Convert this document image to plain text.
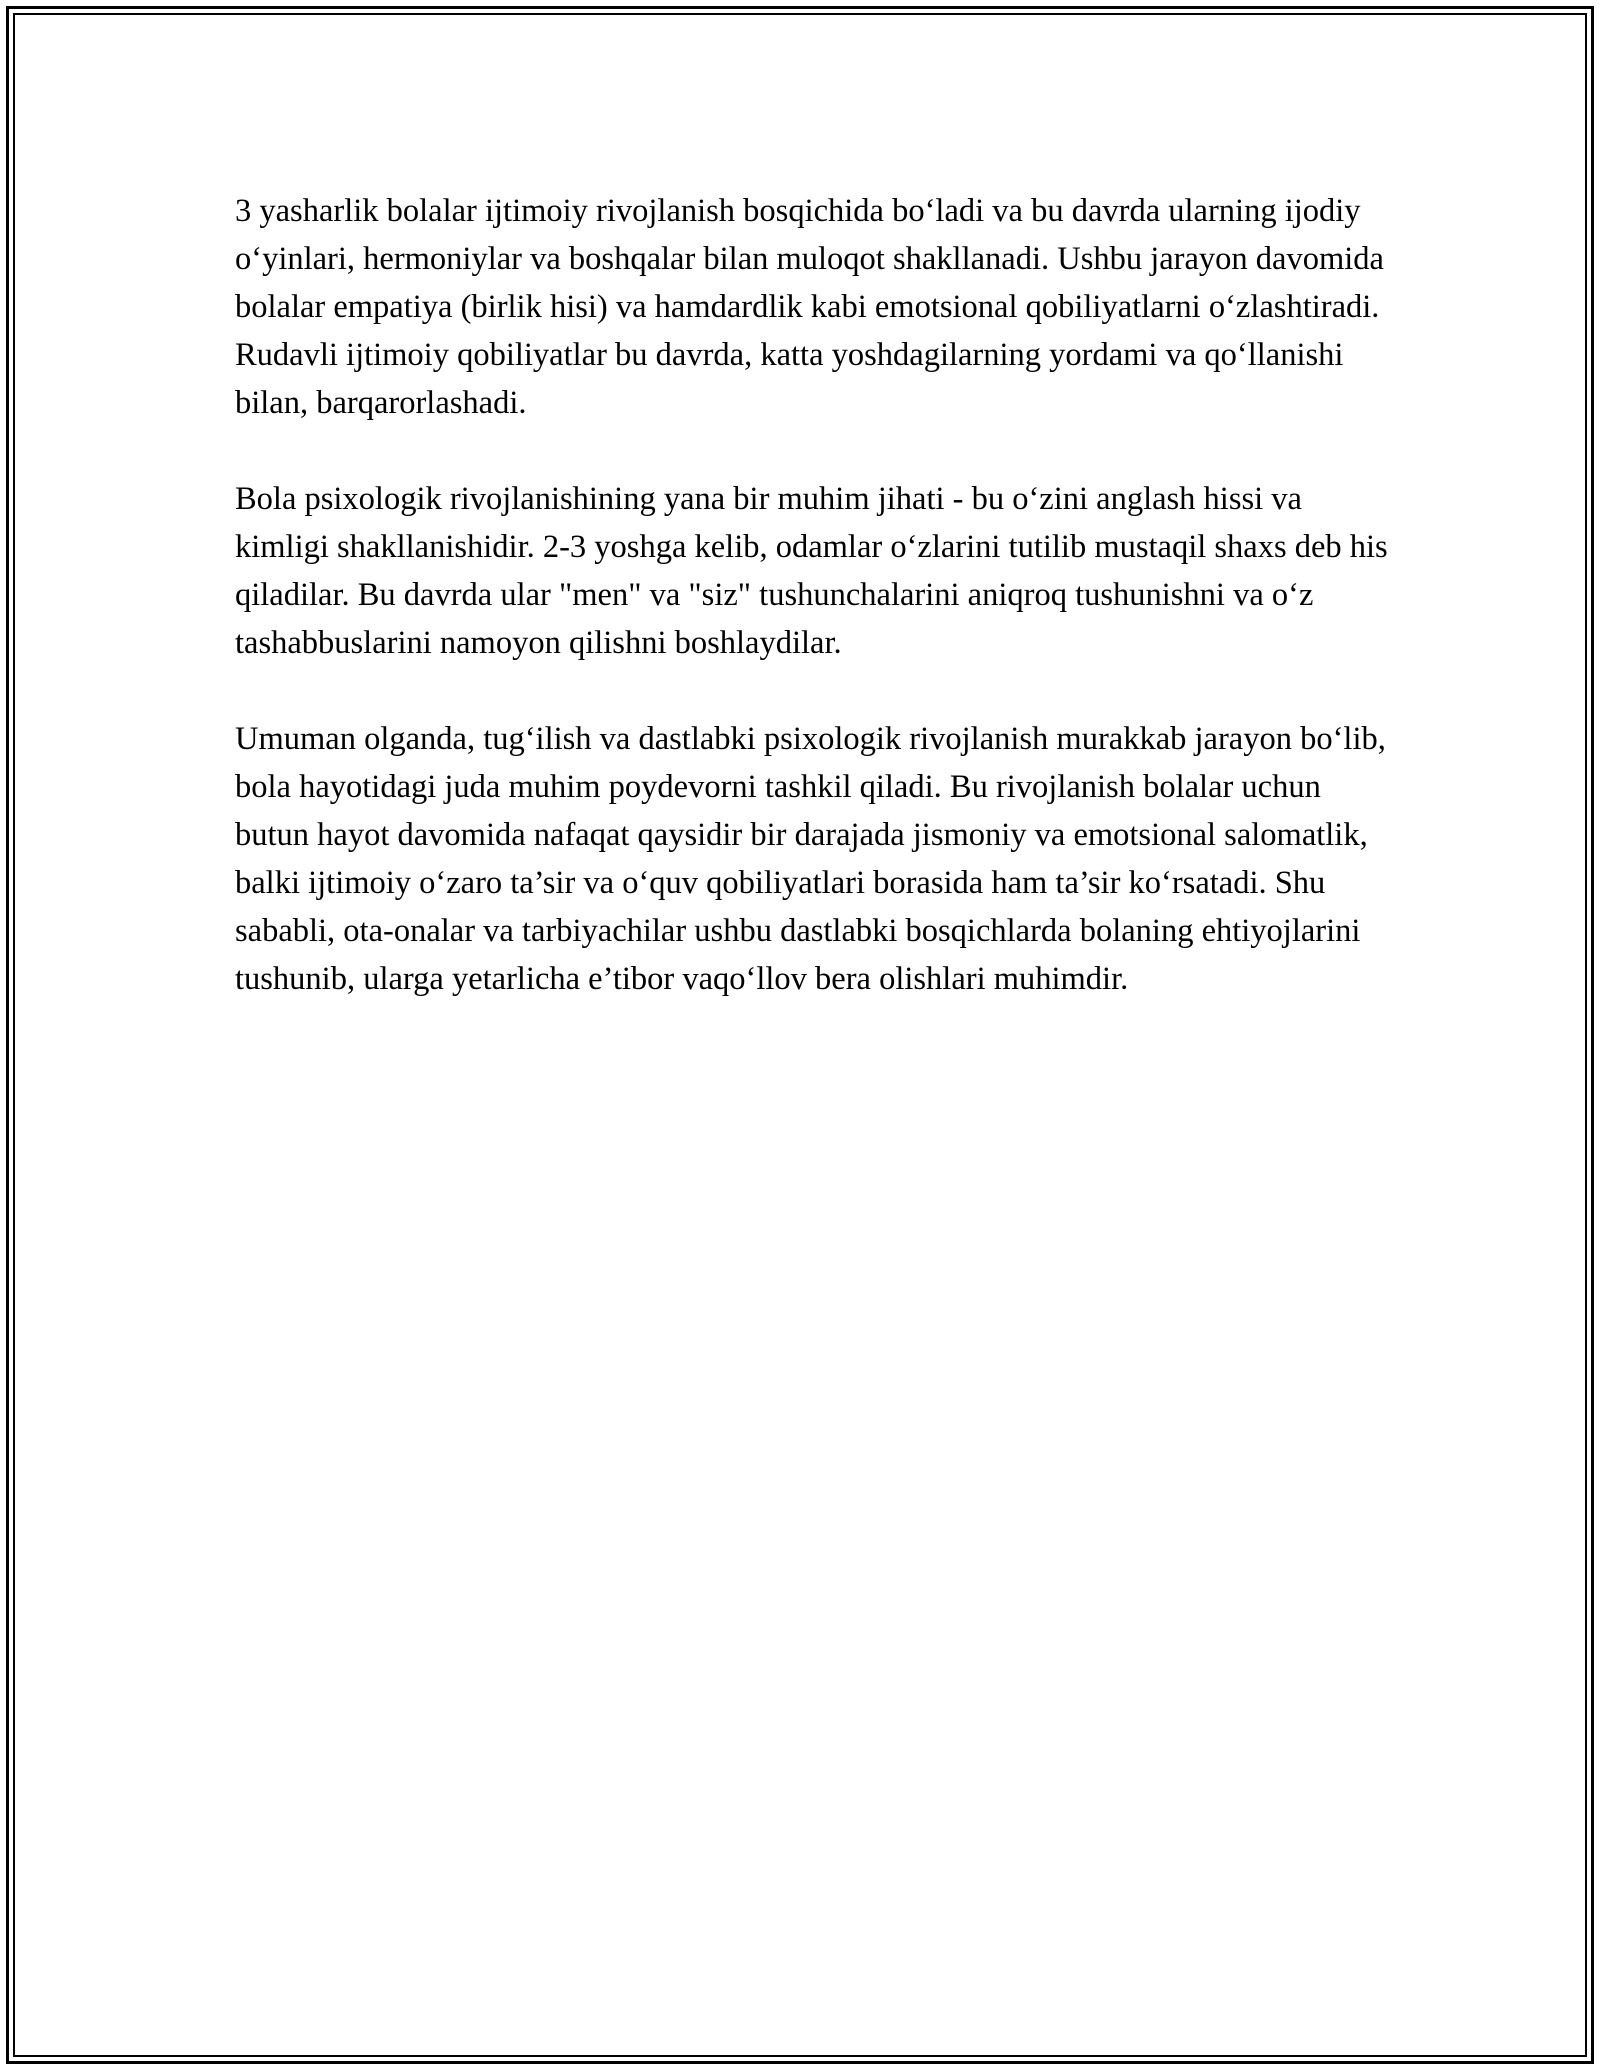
3 yasharlik bolalar ijtimoiy rivojlanish bosqichida bo‘ladi va bu davrda ularning ijodiy o‘yinlari, hermoniylar va boshqalar bilan muloqot shakllanadi. Ushbu jarayon davomida bolalar empatiya (birlik hisi) va hamdardlik kabi emotsional qobiliyatlarni o‘zlashtiradi. Rudavli ijtimoiy qobiliyatlar bu davrda, katta yoshdagilarning yordami va qo‘llanishi bilan, barqarorlashadi.

Bola psixologik rivojlanishining yana bir muhim jihati - bu o‘zini anglash hissi va kimligi shakllanishidir. 2-3 yoshga kelib, odamlar o‘zlarini tutilib mustaqil shaxs deb his qiladilar. Bu davrda ular "men" va "siz" tushunchalarini aniqroq tushunishni va o‘z tashabbuslarini namoyon qilishni boshlaydilar.

Umuman olganda, tug‘ilish va dastlabki psixologik rivojlanish murakkab jarayon bo‘lib, bola hayotidagi juda muhim poydevorni tashkil qiladi. Bu rivojlanish bolalar uchun butun hayot davomida nafaqat qaysidir bir darajada jismoniy va emotsional salomatlik, balki ijtimoiy o‘zaro ta’sir va o‘quv qobiliyatlari borasida ham ta’sir ko‘rsatadi. Shu sababli, ota-onalar va tarbiyachilar ushbu dastlabki bosqichlarda bolaning ehtiyojlarini tushunib, ularga yetarlicha e’tibor vaqo‘llov bera olishlari muhimdir.
